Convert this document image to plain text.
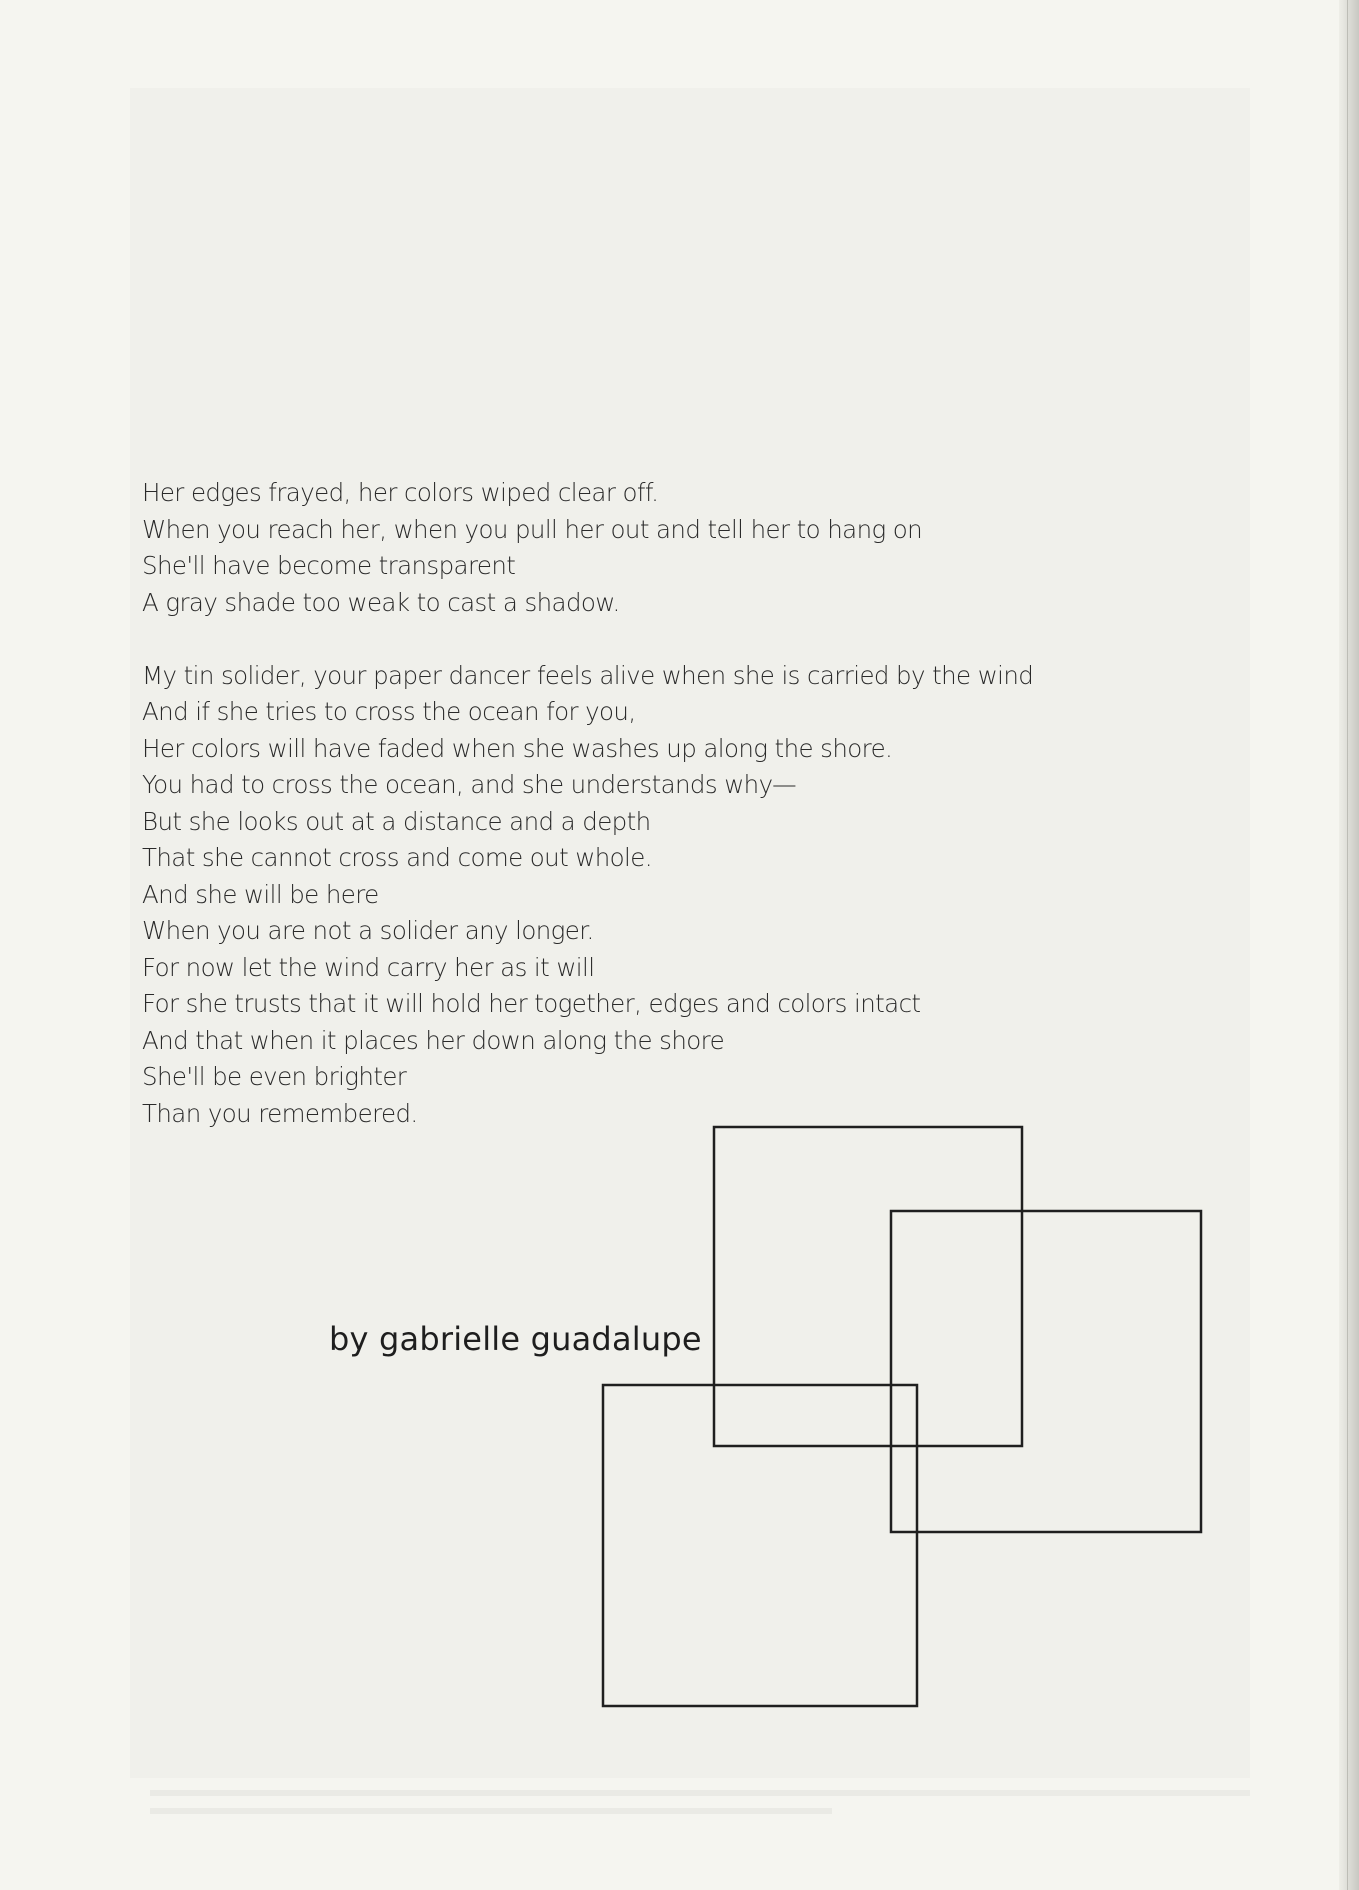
Her edges frayed, her colors wiped clear off.
When you reach her, when you pull her out and tell her to hang on
She'll have become transparent
A gray shade too weak to cast a shadow.
My tin solider, your paper dancer feels alive when she is carried by the wind
And if she tries to cross the ocean for you,
Her colors will have faded when she washes up along the shore.
You had to cross the ocean, and she understands why—
But she looks out at a distance and a depth
That she cannot cross and come out whole.
And she will be here
When you are not a solider any longer.
For now let the wind carry her as it will
For she trusts that it will hold her together, edges and colors intact
And that when it places her down along the shore
She'll be even brighter
Than you remembered.
by gabrielle guadalupe
